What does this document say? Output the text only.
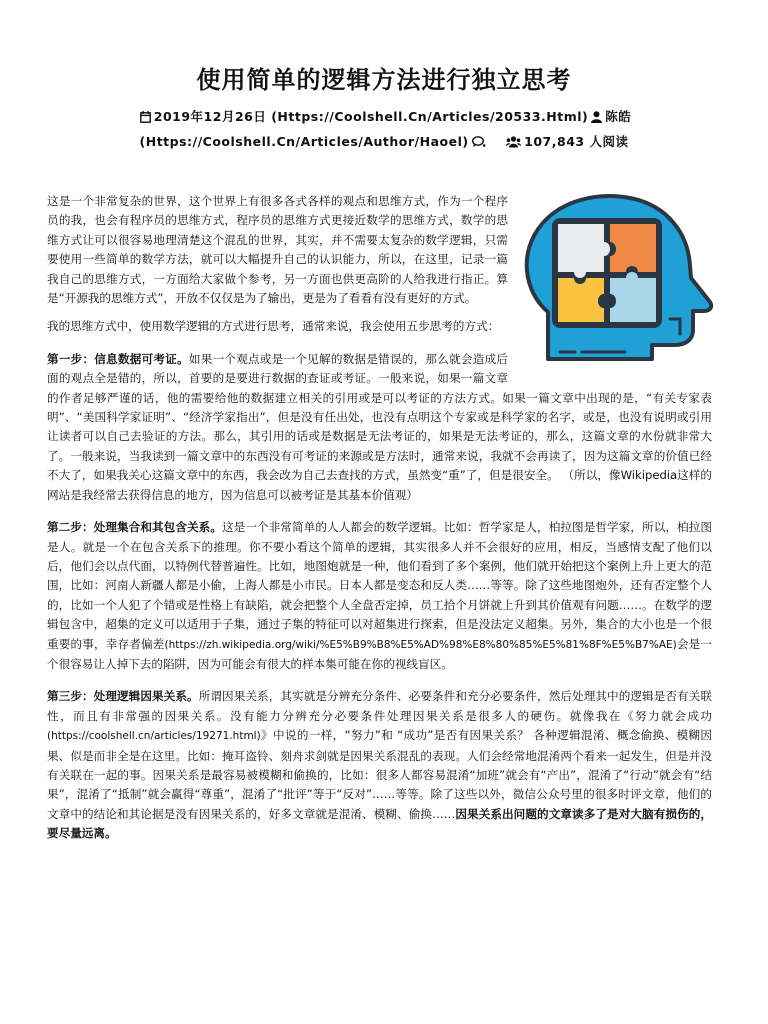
使用简单的逻辑方法进行独立思考
2019年12月26日 (Https://Coolshell.Cn/Articles/20533.Html) 陈皓
(Https://Coolshell.Cn/Articles/Author/Haoel)	107,843 人阅读

这是一个非常复杂的世界，这个世界上有很多各式各样的观点和思维方式，作为一个程序员的我，也会有程序员的思维方式，程序员的思维方式更接近数学的思维方式，数学的思维方式让可以很容易地理清楚这个混乱的世界，其实，并不需要太复杂的数学逻辑，只需要使用一些简单的数学方法，就可以大幅提升自己的认识能力，所以，在这里，记录一篇我自己的思维方式，一方面给大家做个参考，另一方面也供更高阶的人给我进行指正。算是“开源我的思维方式”，开放不仅仅是为了输出，更是为了看看有没有更好的方式。

我的思维方式中，使用数学逻辑的方式进行思考，通常来说，我会使用五步思考的方式：

第一步：信息数据可考证。如果一个观点或是一个见解的数据是错误的，那么就会造成后面的观点全是错的，所以，首要的是要进行数据的查证或考证。一般来说，如果一篇文章的作者足够严谨的话，他的需要给他的数据建立相关的引用或是可以考证的方法方式。如果一篇文章中出现的是，“有关专家表明”、“美国科学家证明”、“经济学家指出”，但是没有任出处，也没有点明这个专家或是科学家的名字，或是，也没有说明或引用让读者可以自己去验证的方法。那么，其引用的话或是数据是无法考证的，如果是无法考证的，那么，这篇文章的水份就非常大了。一般来说，当我读到一篇文章中的东西没有可考证的来源或是方法时，通常来说，我就不会再读了，因为这篇文章的价值已经不大了，如果我关心这篇文章中的东西，我会改为自己去查找的方式，虽然变“重”了，但是很安全。 （所以，像Wikipedia这样的网站是我经常去获得信息的地方，因为信息可以被考证是其基本价值观）

第二步：处理集合和其包含关系。这是一个非常简单的人人都会的数学逻辑。比如：哲学家是人，柏拉图是哲学家，所以，柏拉图是人。就是一个在包含关系下的推理。你不要小看这个简单的逻辑，其实很多人并不会很好的应用，相反，当感情支配了他们以后，他们会以点代面，以特例代替普遍性。比如，地图炮就是一种，他们看到了多个案例，他们就开始把这个案例上升上更大的范围，比如：河南人新疆人都是小偷，上海人都是小市民。日本人都是变态和反人类……等等。除了这些地图炮外，还有否定整个人的，比如一个人犯了个错或是性格上有缺陷，就会把整个人全盘否定掉，员工拾个月饼就上升到其价值观有问题……。在数学的逻辑包含中，超集的定义可以适用于子集，通过子集的特征可以对超集进行探索，但是没法定义超集。另外，集合的大小也是一个很重要的事，幸存者偏差(https://zh.wikipedia.org/wiki/%E5%B9%B8%E5%AD%98%E8%80%85%E5%81%8F%E5%B7%AE)会是一个很容易让人掉下去的陷阱，因为可能会有很大的样本集可能在你的视线盲区。

第三步：处理逻辑因果关系。所谓因果关系，其实就是分辨充分条件、必要条件和充分必要条件，然后处理其中的逻辑是否有关联性，而且有非常强的因果关系。没有能力分辨充分必要条件处理因果关系是很多人的硬伤。就像我在《努力就会成功(https://coolshell.cn/articles/19271.html)》中说的一样，“努力”和 “成功”是否有因果关系？ 各种逻辑混淆、概念偷换、模糊因果、似是而非全是在这里。比如：掩耳盗铃、刻舟求剑就是因果关系混乱的表现。人们会经常地混淆两个看来一起发生，但是并没有关联在一起的事。因果关系是最容易被模糊和偷换的，比如：很多人都容易混淆“加班”就会有“产出”，混淆了“行动”就会有“结果”，混淆了“抵制”就会赢得“尊重”，混淆了“批评”等于“反对”……等等。除了这些以外，微信公众号里的很多时评文章，他们的文章中的结论和其论据是没有因果关系的，好多文章就是混淆、模糊、偷换……因果关系出问题的文章读多了是对大脑有损伤的，要尽量远离。
